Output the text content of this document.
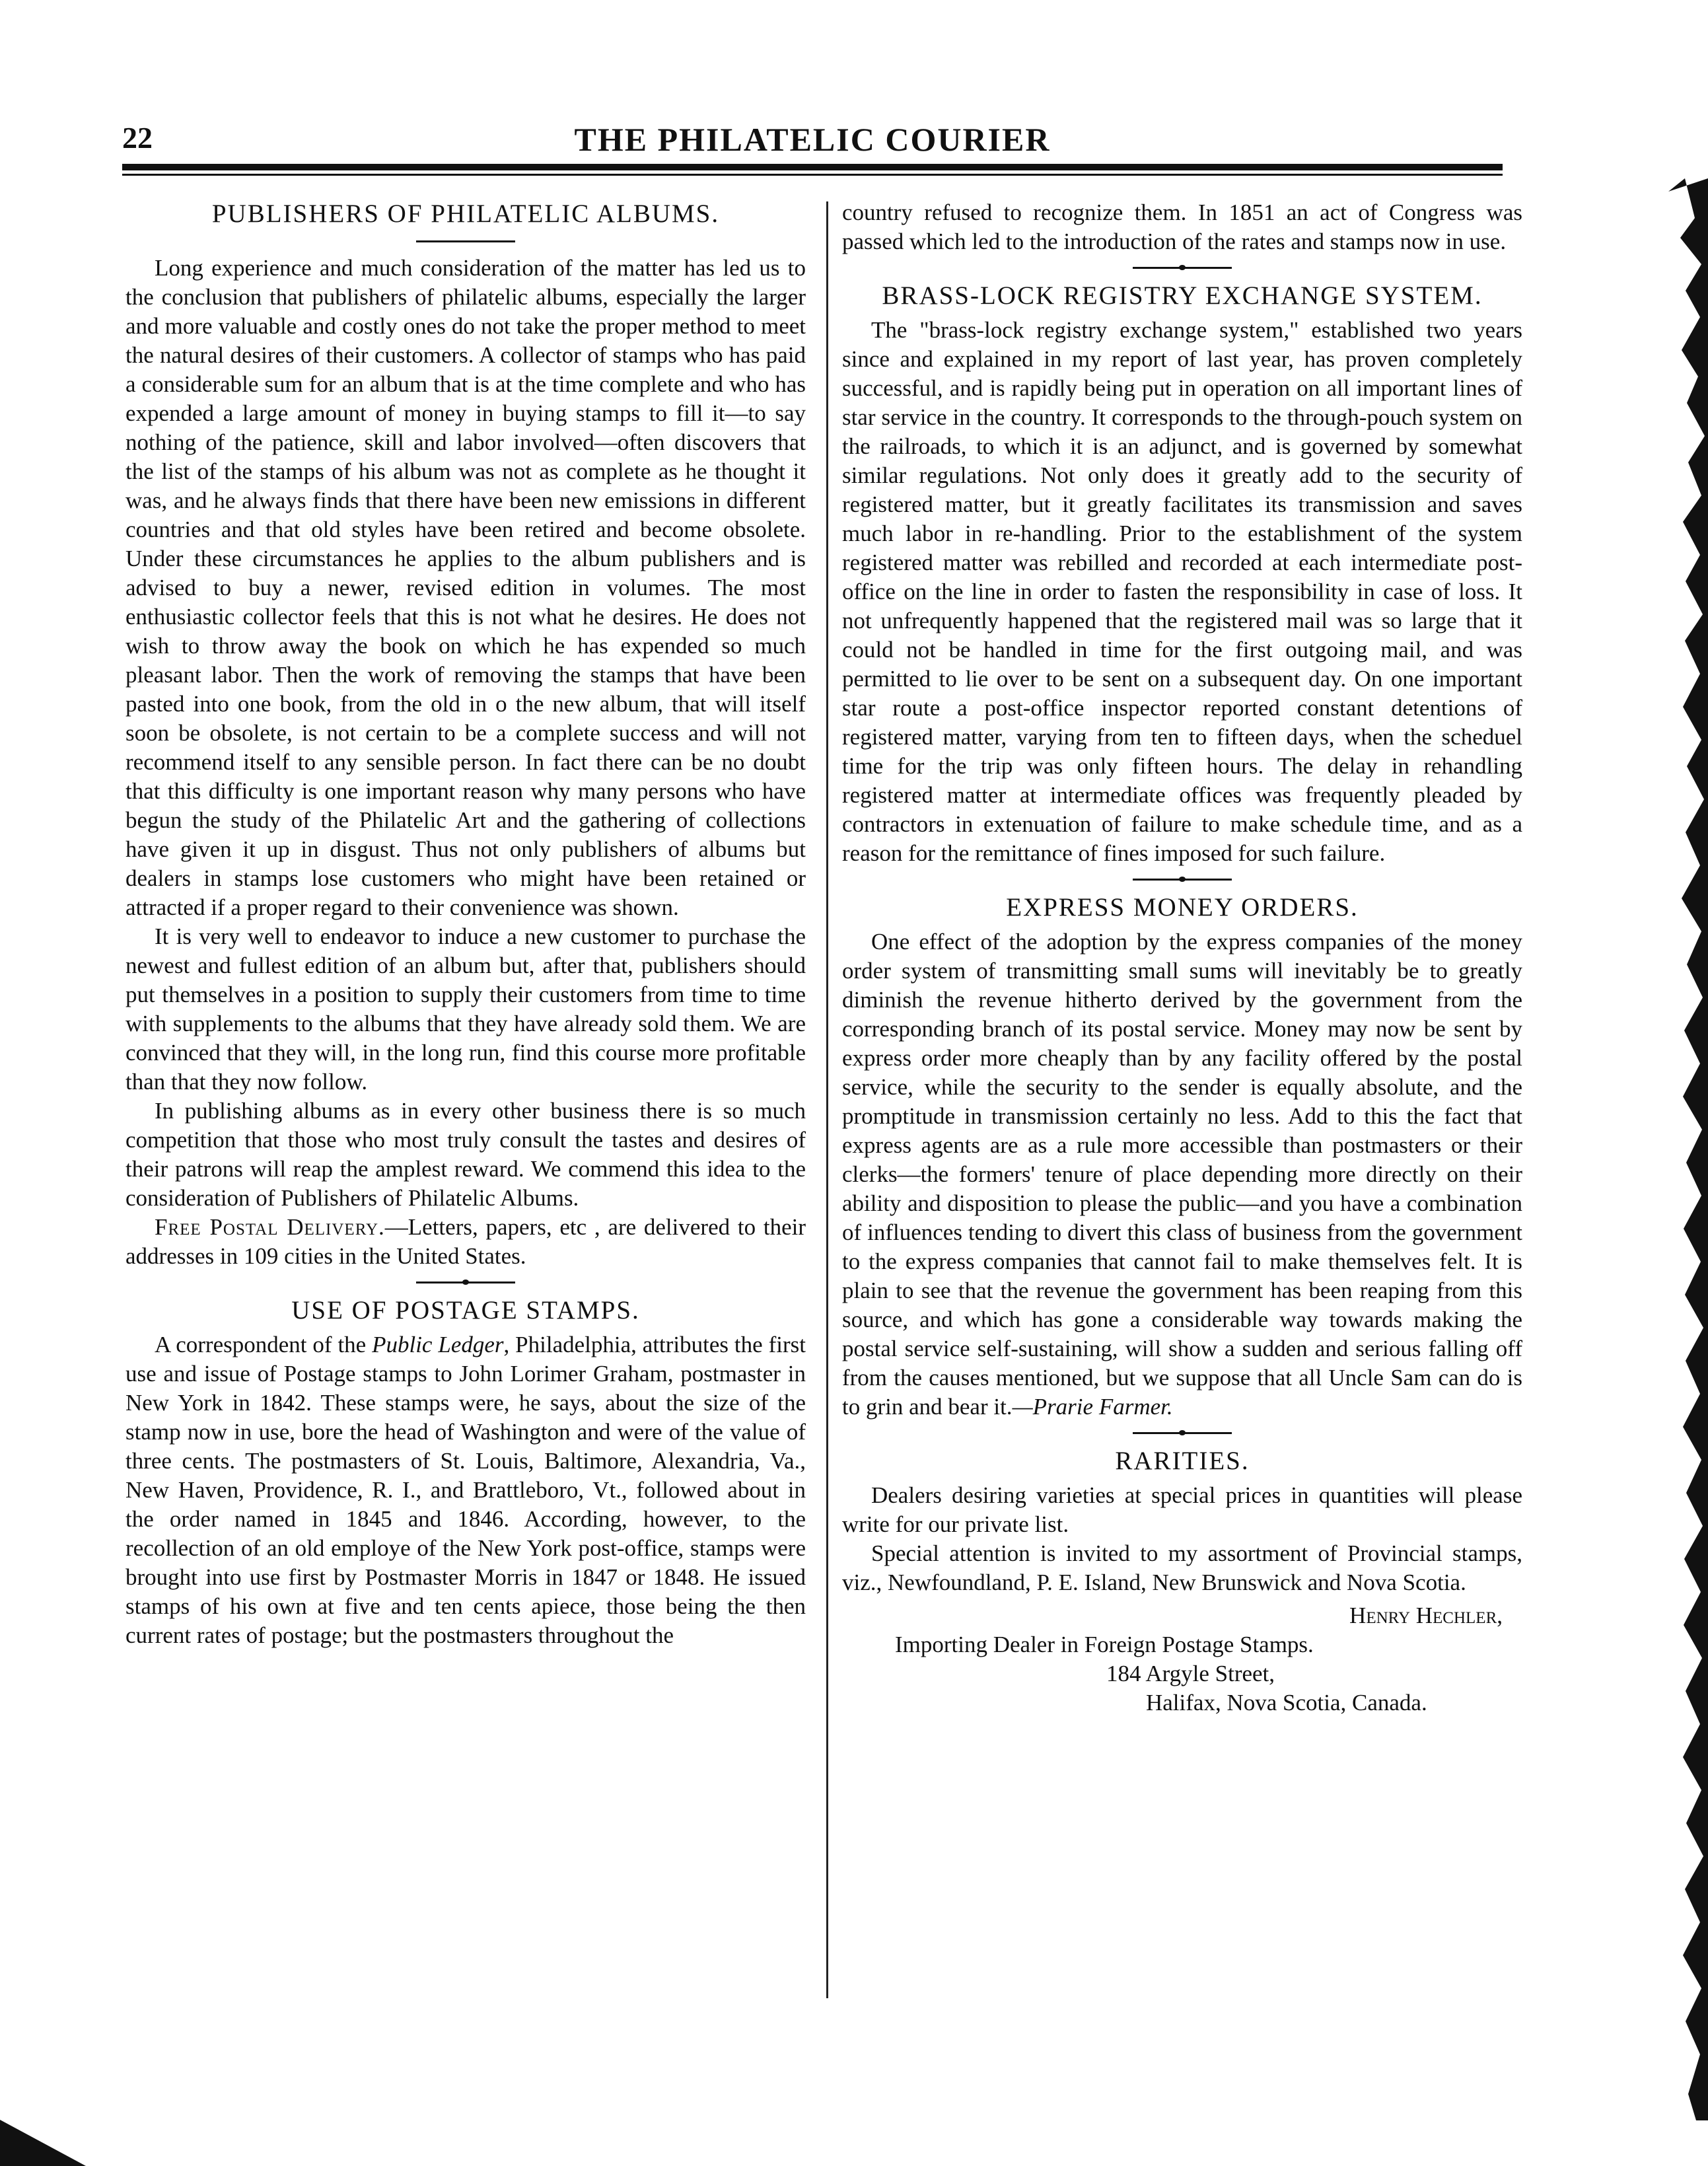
22	THE PHILATELIC COURIER
PUBLISHERS OF PHILATELIC ALBUMS.

Long experience and much consideration of the matter has led us to the conclusion that publishers of philatelic albums, especially the larger and more valuable and costly ones do not take the proper method to meet the natural desires of their customers. A collector of stamps who has paid a considerable sum for an album that is at the time complete and who has expended a large amount of money in buying stamps to fill it—to say nothing of the patience, skill and labor involved—often discovers that the list of the stamps of his album was not as complete as he thought it was, and he always finds that there have been new emissions in different countries and that old styles have been retired and become obsolete. Under these circumstances he applies to the album publishers and is advised to buy a newer, revised edition in volumes. The most enthusiastic collector feels that this is not what he desires. He does not wish to throw away the book on which he has expended so much pleasant labor. Then the work of removing the stamps that have been pasted into one book, from the old in o the new album, that will itself soon be obsolete, is not certain to be a complete success and will not recommend itself to any sensible person. In fact there can be no doubt that this difficulty is one important reason why many persons who have begun the study of the Philatelic Art and the gathering of collections have given it up in disgust. Thus not only publishers of albums but dealers in stamps lose customers who might have been retained or attracted if a proper regard to their convenience was shown.

It is very well to endeavor to induce a new customer to purchase the newest and fullest edition of an album but, after that, publishers should put themselves in a position to supply their customers from time to time with supplements to the albums that they have already sold them. We are convinced that they will, in the long run, find this course more profitable than that they now follow.

In publishing albums as in every other business there is so much competition that those who most truly consult the tastes and desires of their patrons will reap the amplest reward. We commend this idea to the consideration of Publishers of Philatelic Albums.

Free Postal Delivery.—Letters, papers, etc , are delivered to their addresses in 109 cities in the United States.

USE OF POSTAGE STAMPS.

A correspondent of the Public Ledger, Philadelphia, attributes the first use and issue of Postage stamps to John Lorimer Graham, postmaster in New York in 1842. These stamps were, he says, about the size of the stamp now in use, bore the head of Washington and were of the value of three cents. The postmasters of St. Louis, Baltimore, Alexandria, Va., New Haven, Providence, R. I., and Brattleboro, Vt., followed about in the order named in 1845 and 1846. According, however, to the recollection of an old employe of the New York post-office, stamps were brought into use first by Postmaster Morris in 1847 or 1848. He issued stamps of his own at five and ten cents apiece, those being the then current rates of postage; but the postmasters throughout the

country refused to recognize them. In 1851 an act of Congress was passed which led to the introduction of the rates and stamps now in use.

BRASS-LOCK REGISTRY EXCHANGE SYSTEM.

The "brass-lock registry exchange system," established two years since and explained in my report of last year, has proven completely successful, and is rapidly being put in operation on all important lines of star service in the country. It corresponds to the through-pouch system on the railroads, to which it is an adjunct, and is governed by somewhat similar regulations. Not only does it greatly add to the security of registered matter, but it greatly facilitates its transmission and saves much labor in re-handling. Prior to the establishment of the system registered matter was rebilled and recorded at each intermediate post-office on the line in order to fasten the responsibility in case of loss. It not unfrequently happened that the registered mail was so large that it could not be handled in time for the first outgoing mail, and was permitted to lie over to be sent on a subsequent day. On one important star route a post-office inspector reported constant detentions of registered matter, varying from ten to fifteen days, when the scheduel time for the trip was only fifteen hours. The delay in rehandling registered matter at intermediate offices was frequently pleaded by contractors in extenuation of failure to make schedule time, and as a reason for the remittance of fines imposed for such failure.

EXPRESS MONEY ORDERS.

One effect of the adoption by the express companies of the money order system of transmitting small sums will inevitably be to greatly diminish the revenue hitherto derived by the government from the corresponding branch of its postal service. Money may now be sent by express order more cheaply than by any facility offered by the postal service, while the security to the sender is equally absolute, and the promptitude in transmission certainly no less. Add to this the fact that express agents are as a rule more accessible than postmasters or their clerks—the formers' tenure of place depending more directly on their ability and disposition to please the public—and you have a combination of influences tending to divert this class of business from the government to the express companies that cannot fail to make themselves felt. It is plain to see that the revenue the government has been reaping from this source, and which has gone a considerable way towards making the postal service self-sustaining, will show a sudden and serious falling off from the causes mentioned, but we suppose that all Uncle Sam can do is to grin and bear it.—Prarie Farmer.

RARITIES.

Dealers desiring varieties at special prices in quantities will please write for our private list.

Special attention is invited to my assortment of Provincial stamps, viz., Newfoundland, P. E. Island, New Brunswick and Nova Scotia.

Henry Hechler,
Importing Dealer in Foreign Postage Stamps.
184 Argyle Street,
Halifax, Nova Scotia, Canada.
